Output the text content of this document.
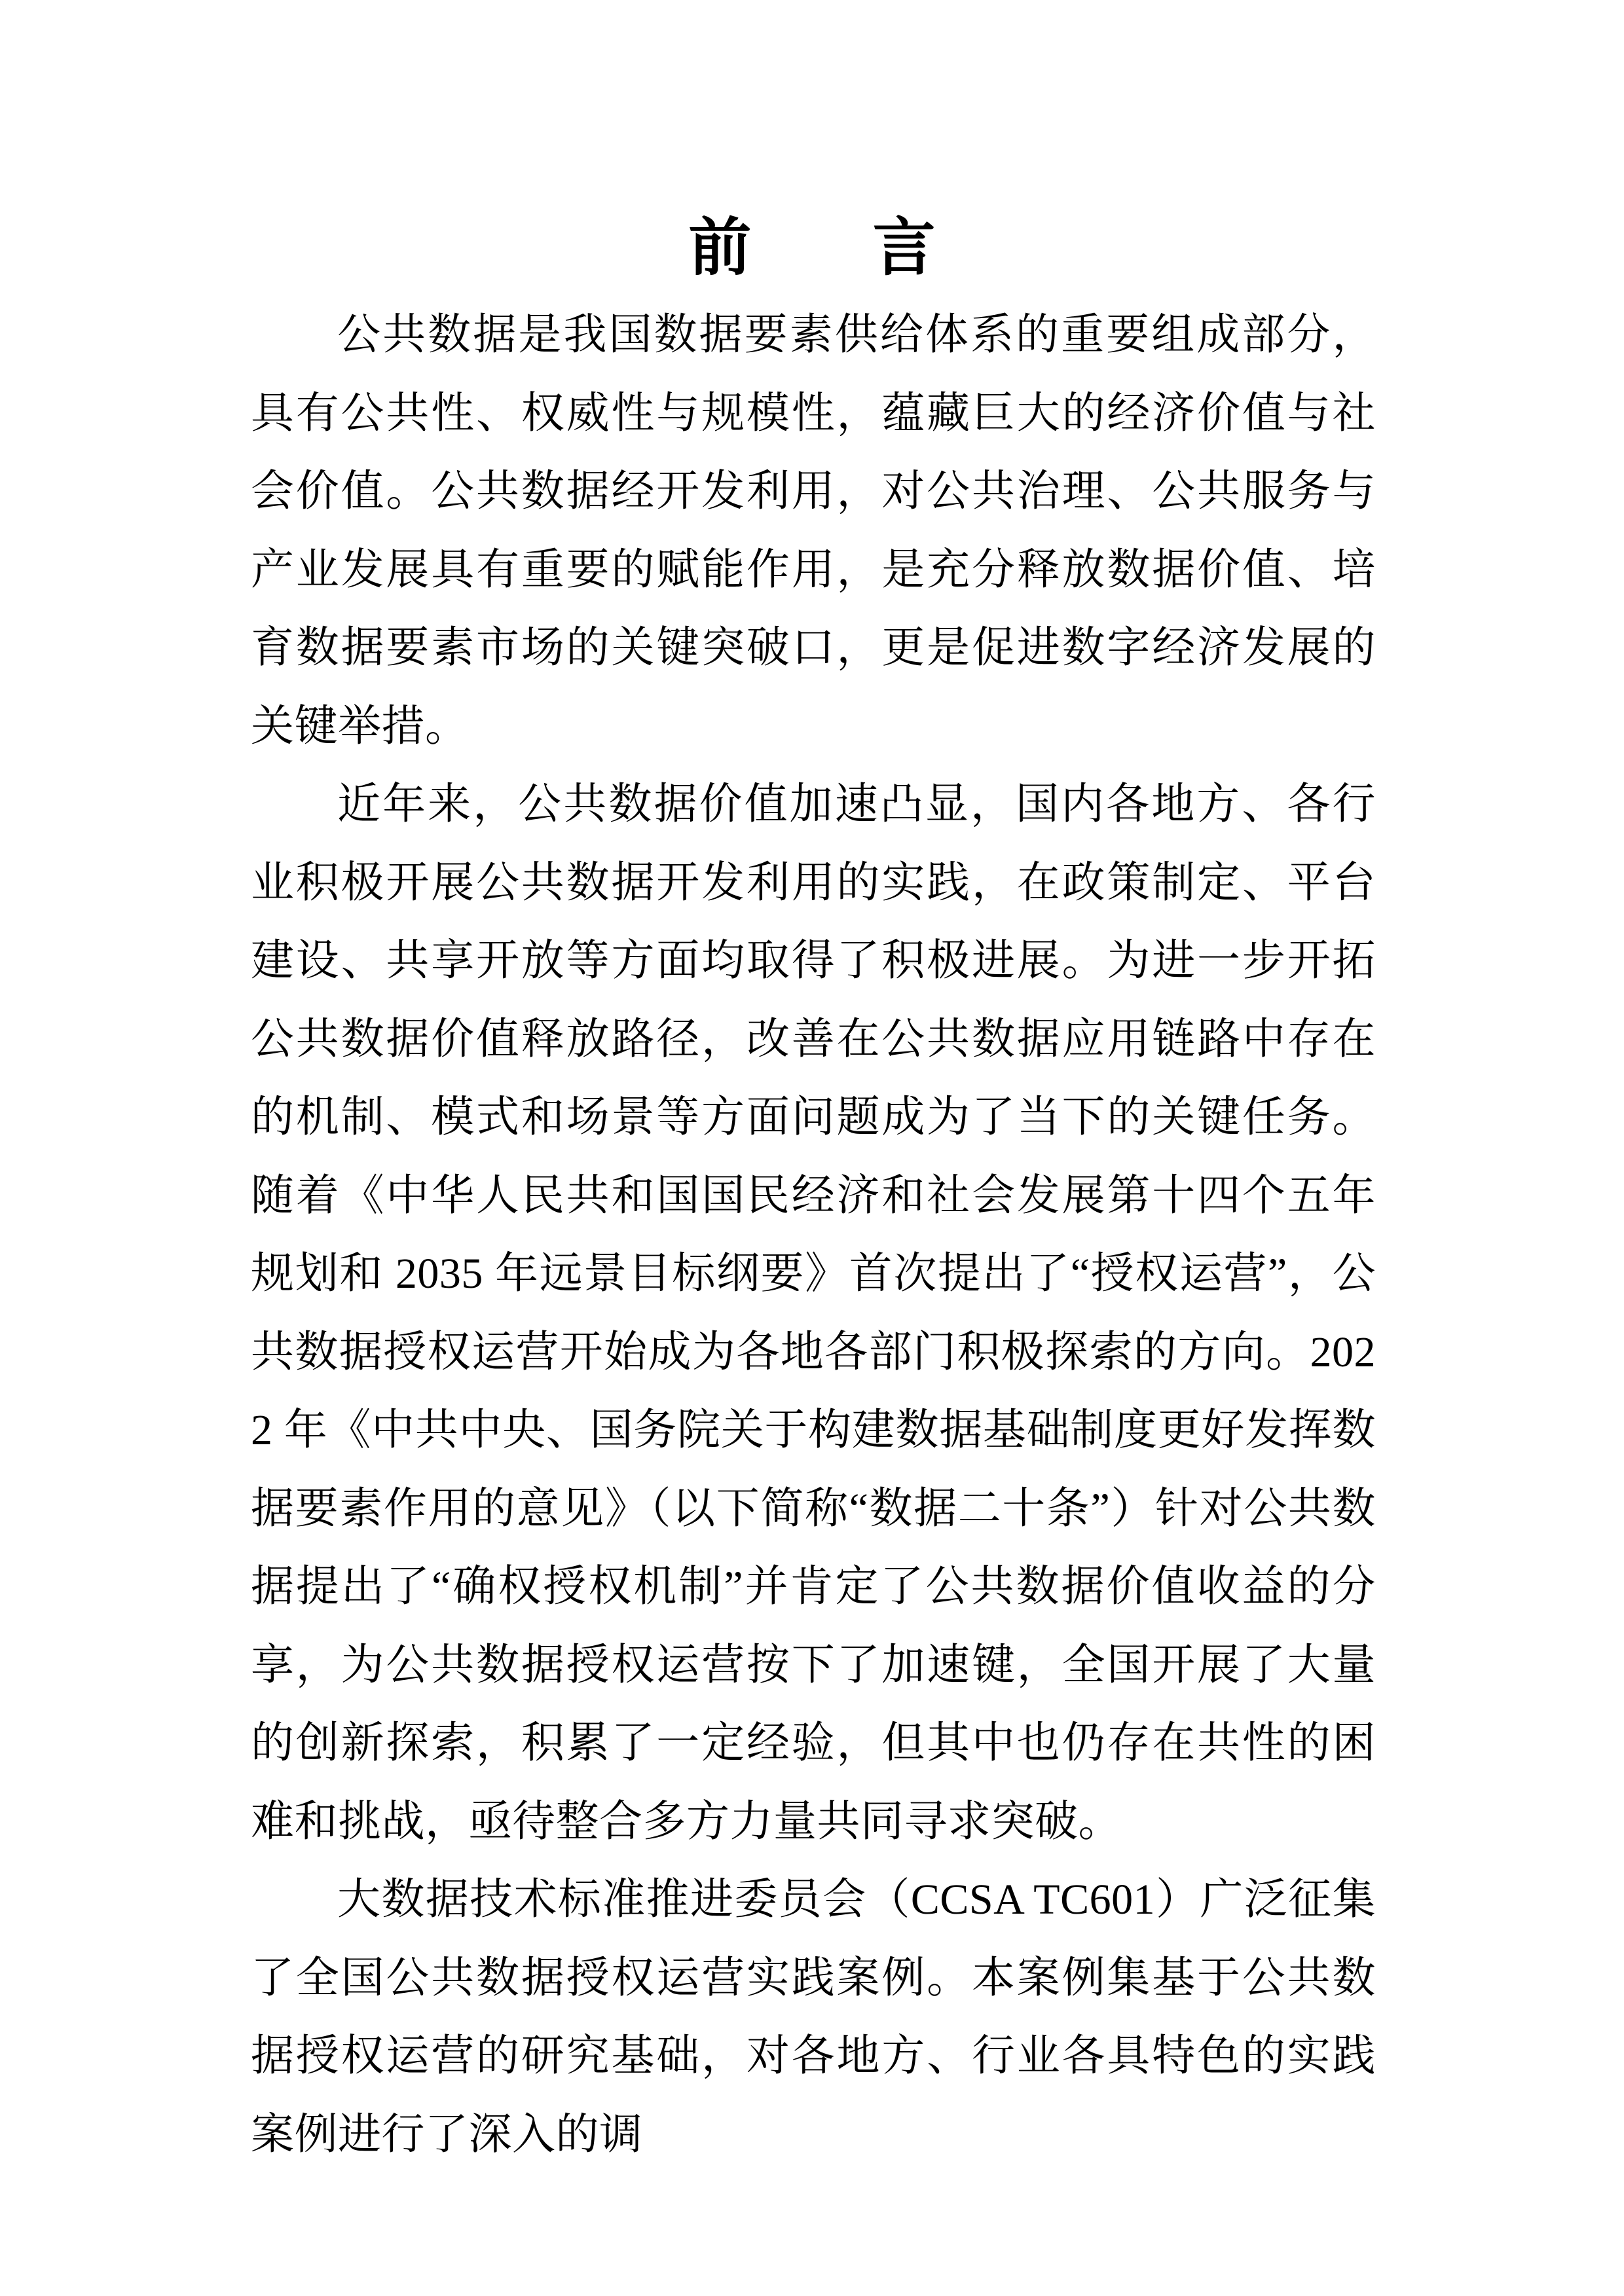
前  言

公共数据是我国数据要素供给体系的重要组成部分，具有公共性、权威性与规模性，蕴藏巨大的经济价值与社会价值。公共数据经开发利用，对公共治理、公共服务与产业发展具有重要的赋能作用，是充分释放数据价值、培育数据要素市场的关键突破口，更是促进数字经济发展的关键举措。

近年来，公共数据价值加速凸显，国内各地方、各行业积极开展公共数据开发利用的实践，在政策制定、平台建设、共享开放等方面均取得了积极进展。为进一步开拓公共数据价值释放路径，改善在公共数据应用链路中存在的机制、模式和场景等方面问题成为了当下的关键任务。随着《中华人民共和国国民经济和社会发展第十四个五年规划和 2035 年远景目标纲要》首次提出了“授权运营”，公共数据授权运营开始成为各地各部门积极探索的方向。2022 年《中共中央、国务院关于构建数据基础制度更好发挥数据要素作用的意见》（以下简称“数据二十条”）针对公共数据提出了“确权授权机制”并肯定了公共数据价值收益的分享，为公共数据授权运营按下了加速键，全国开展了大量的创新探索，积累了一定经验，但其中也仍存在共性的困难和挑战，亟待整合多方力量共同寻求突破。

大数据技术标准推进委员会（CCSA TC601）广泛征集了全国公共数据授权运营实践案例。本案例集基于公共数据授权运营的研究基础，对各地方、行业各具特色的实践案例进行了深入的调
